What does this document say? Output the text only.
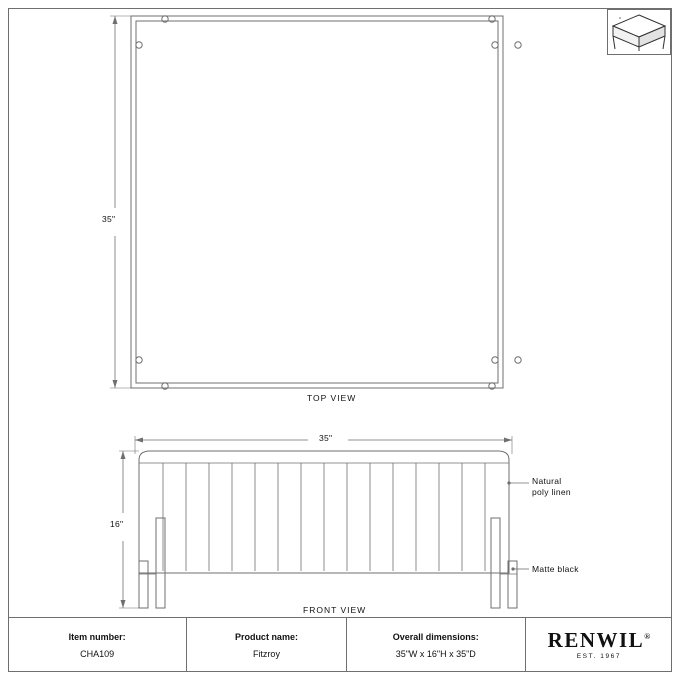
35"
TOP VIEW
35"
16"
Natural
poly linen
Matte black
FRONT VIEW
Item number:
CHA109
Product name:
Fitzroy
Overall dimensions:
35"W x 16"H x 35"D
RENWIL®
EST. 1967
